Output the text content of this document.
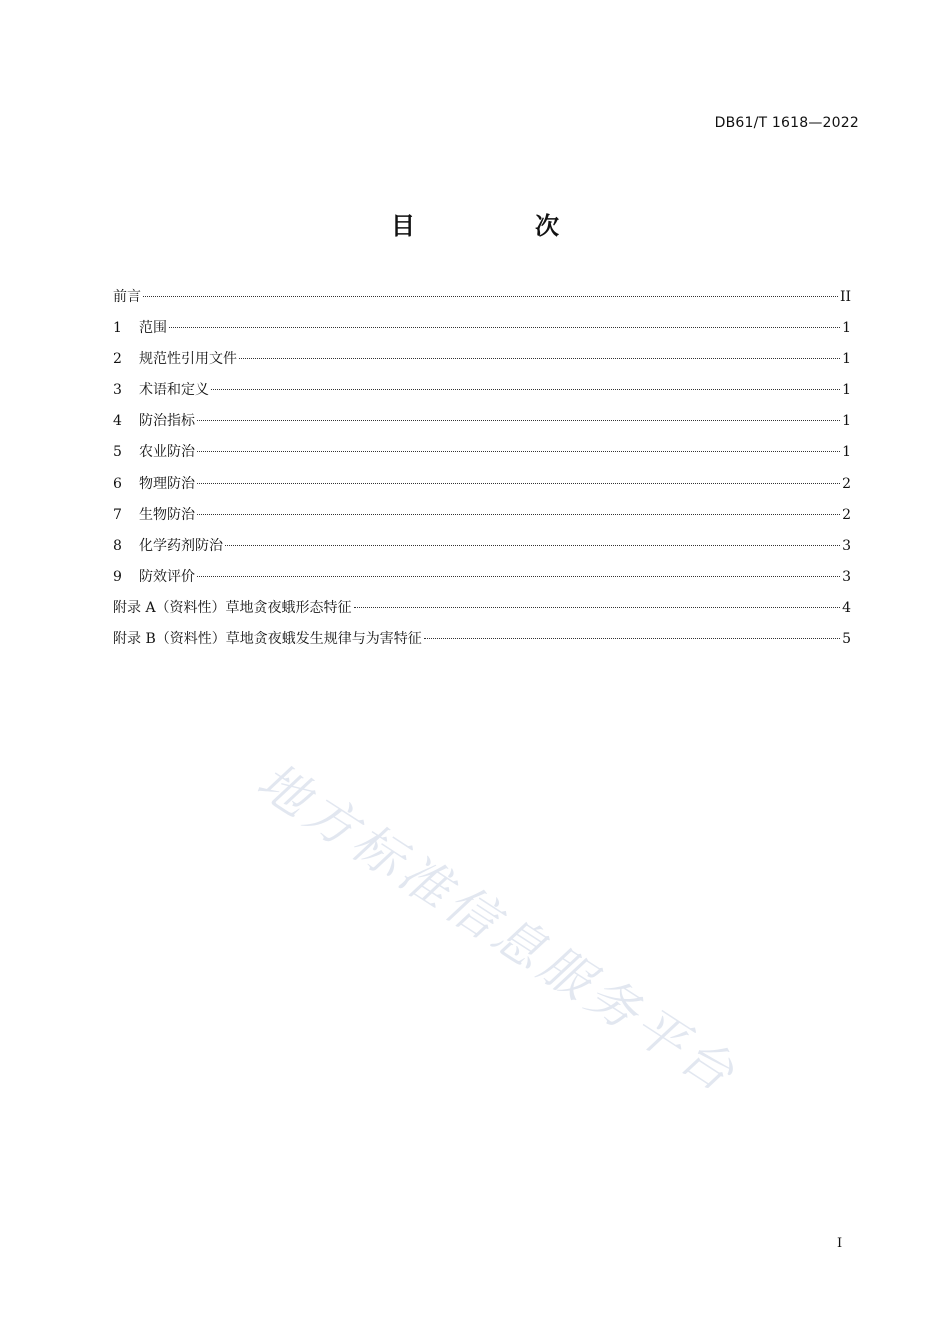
DB61/T 1618—2022
目　次
前言	II
1	范围	1
2	规范性引用文件	1
3	术语和定义	1
4	防治指标	1
5	农业防治	1
6	物理防治	2
7	生物防治	2
8	化学药剂防治	3
9	防效评价	3
附录 A（资料性）草地贪夜蛾形态特征	4
附录 B（资料性）草地贪夜蛾发生规律与为害特征	5
地方标准信息服务平台
I
